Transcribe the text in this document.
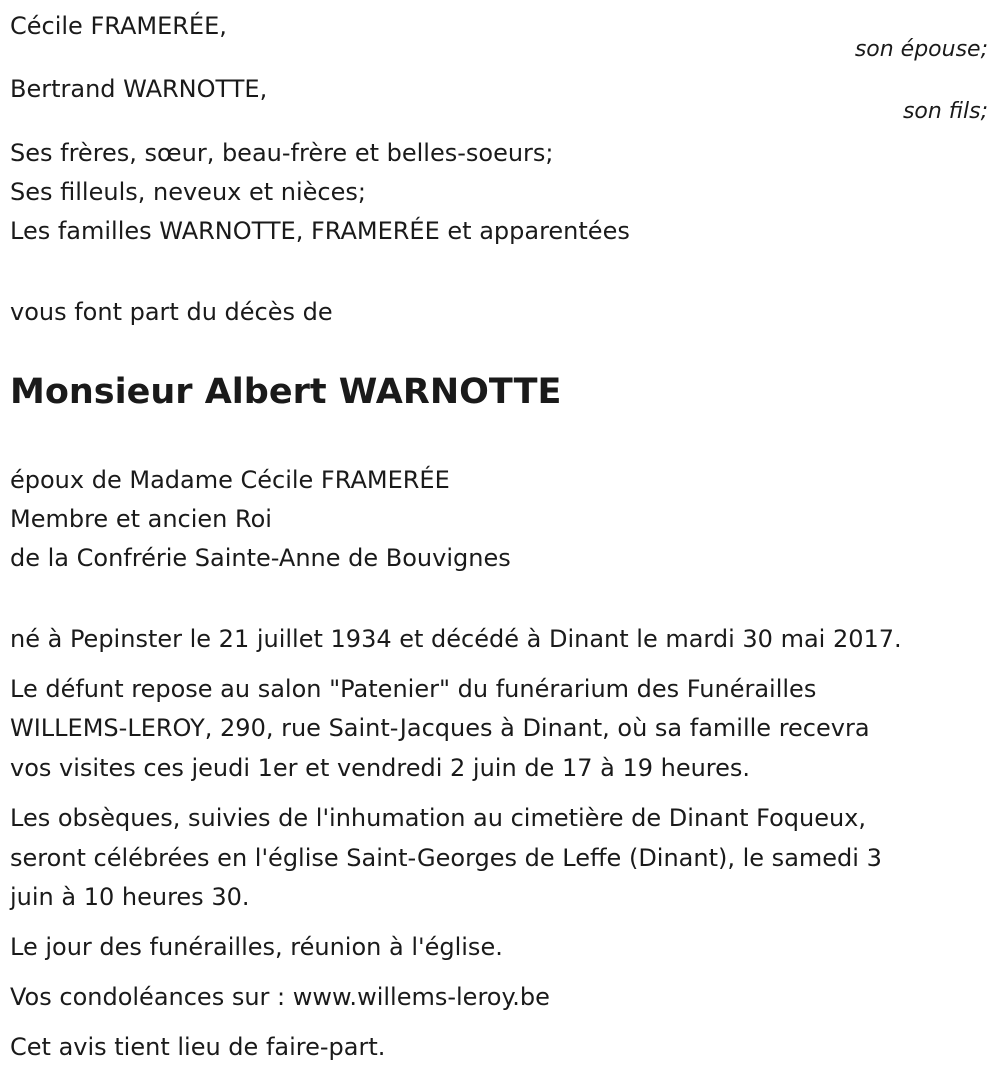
Cécile FRAMERÉE,
son épouse;
Bertrand WARNOTTE,
son fils;
Ses frères, sœur, beau-frère et belles-soeurs;
Ses filleuls, neveux et nièces;
Les familles WARNOTTE, FRAMERÉE et apparentées
vous font part du décès de
Monsieur Albert WARNOTTE
époux de Madame Cécile FRAMERÉE
Membre et ancien Roi
de la Confrérie Sainte-Anne de Bouvignes
né à Pepinster le 21 juillet 1934 et décédé à Dinant le mardi 30 mai 2017.
Le défunt repose au salon "Patenier" du funérarium des Funérailles
WILLEMS-LEROY, 290, rue Saint-Jacques à Dinant, où sa famille recevra
vos visites ces jeudi 1er et vendredi 2 juin de 17 à 19 heures.
Les obsèques, suivies de l'inhumation au cimetière de Dinant Foqueux,
seront célébrées en l'église Saint-Georges de Leffe (Dinant), le samedi 3
juin à 10 heures 30.
Le jour des funérailles, réunion à l'église.
Vos condoléances sur : www.willems-leroy.be
Cet avis tient lieu de faire-part.
